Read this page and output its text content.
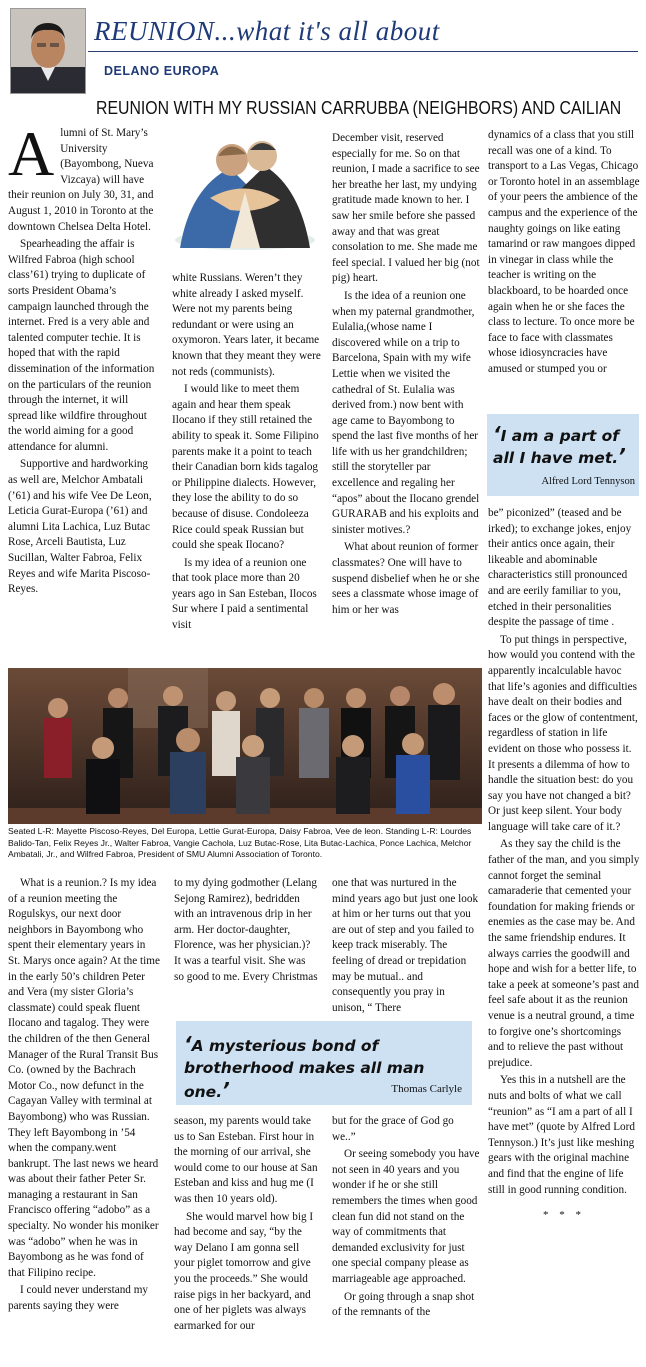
REUNION...what it's all about
DELANO EUROPA
REUNION WITH MY RUSSIAN CARRUBBA (NEIGHBORS) AND CAILIAN

Alumni of St. Mary’s University (Bayombong, Nueva Vizcaya) will have their reunion on July 30, 31, and August 1, 2010 in Toronto at the downtown Chelsea Delta Hotel.

Spearheading the affair is Wilfred Fabroa (high school class’61) trying to duplicate of sorts President Obama’s campaign launched through the internet. Fred is a very able and talented computer techie. It is hoped that with the rapid dissemination of the information on the particulars of the reunion through the internet, it will spread like wildfire throughout the world aiming for a good attendance for alumni.

Supportive and hardworking as well are, Melchor Ambatali (’61) and his wife Vee De Leon, Leticia Gurat-Europa (’61) and alumni Lita Lachica, Luz Butac Rose, Arceli Bautista, Luz Sucillan, Walter Fabroa, Felix Reyes and wife Marita Piscoso-Reyes.

white Russians. Weren’t they white already I asked myself. Were not my parents being redundant or were using an oxymoron. Years later, it became known that they meant they were not reds (communists).

I would like to meet them again and hear them speak Ilocano if they still retained the ability to speak it. Some Filipino parents make it a point to teach their Canadian born kids tagalog or Philippine dialects. However, they lose the ability to do so because of disuse. Condoleeza Rice could speak Russian but could she speak Ilocano?

Is my idea of a reunion one that took place more than 20 years ago in San Esteban, Ilocos Sur where I paid a sentimental visit

December visit, reserved especially for me. So on that reunion, I made a sacrifice to see her breathe her last, my undying gratitude made known to her. I saw her smile before she passed away and that was great consolation to me. She made me feel special. I valued her big (not pig) heart.

Is the idea of a reunion one when my paternal grandmother, Eulalia,(whose name I discovered while on a trip to Barcelona, Spain with my wife Lettie when we visited the cathedral of St. Eulalia was derived from.) now bent with age came to Bayombong to spend the last five months of her life with us her grandchildren; still the storyteller par excellence and regaling her “apos” about the Ilocano grendel GURARAB and his exploits and sinister motives.?

What about reunion of former classmates? One will have to suspend disbelief when he or she sees a classmate whose image of him or her was

dynamics of a class that you still recall was one of a kind. To transport to a Las Vegas, Chicago or Toronto hotel in an assemblage of your peers the ambience of the campus and the experience of the naughty goings on like eating tamarind or raw mangoes dipped in vinegar in class while the teacher is writing on the blackboard, to be hoarded once again when he or she faces the class to lecture. To once more be face to face with classmates whose idiosyncracies have amused or stumped you or

‘I am a part of all I have met.’
Alfred Lord Tennyson

be” piconized” (teased and be irked); to exchange jokes, enjoy their antics once again, their likeable and abominable characteristics still pronounced and are eerily familiar to you, etched in their personalities despite the passage of time .

To put things in perspective, how would you contend with the apparently incalculable havoc that life’s agonies and difficulties have dealt on their bodies and faces or the glow of contentment, regardless of station in life evident on those who possess it. It presents a dilemma of how to handle the situation best: do you say you have not changed a bit? Or just keep silent. Your body language will take care of it.?

As they say the child is the father of the man, and you simply cannot forget the seminal camaraderie that cemented your foundation for making friends or enemies as the case may be. And the same friendship endures. It always carries the goodwill and hope and wish for a better life, to take a peek at someone’s past and feel safe about it as the reunion venue is a neutral ground, a time to forgive one’s shortcomings and to relieve the past without prejudice.

Yes this in a nutshell are the nuts and bolts of what we call “reunion” as “I am a part of all I have met” (quote by Alfred Lord Tennyson.) It’s just like meshing gears with the original machine and find that the engine of life still in good running condition.

* * *
Seated L-R: Mayette Piscoso-Reyes, Del Europa, Lettie Gurat-Europa, Daisy Fabroa, Vee de leon. Standing L-R: Lourdes Balido-Tan, Felix Reyes Jr., Walter Fabroa, Vangie Cachola, Luz Butac-Rose, Lita Butac-Lachica, Ponce Lachica, Melchor Ambatali, Jr., and Wilfred Fabroa, President of SMU Alumni Association of Toronto.

What is a reunion.? Is my idea of a reunion meeting the Rogulskys, our next door neighbors in Bayombong who spent their elementary years in St. Marys once again? At the time in the early 50’s children Peter and Vera (my sister Gloria’s classmate) could speak fluent Ilocano and tagalog. They were the children of the then General Manager of the Rural Transit Bus Co. (owned by the Bachrach Motor Co., now defunct in the Cagayan Valley with terminal at Bayombong) who was Russian. They left Bayombong in ’54 when the company.went bankrupt. The last news we heard was about their father Peter Sr. managing a restaurant in San Francisco offering “adobo” as a specialty. No wonder his moniker was “adobo” when he was in Bayombong as he was fond of that Filipino recipe.

I could never understand my parents saying they were

to my dying godmother (Lelang Sejong Ramirez), bedridden with an intravenous drip in her arm. Her doctor-daughter, Florence, was her physician.)? It was a tearful visit. She was so good to me. Every Christmas

one that was nurtured in the mind years ago but just one look at him or her turns out that you are out of step and you failed to keep track miserably. The feeling of dread or trepidation may be mutual.. and consequently you pray in unison, “ There

‘A mysterious bond of brotherhood makes all man one.’	Thomas Carlyle

season, my parents would take us to San Esteban. First hour in the morning of our arrival, she would come to our house at San Esteban and kiss and hug me (I was then 10 years old).

She would marvel how big I had become and say, “by the way Delano I am gonna sell your piglet tomorrow and give you the proceeds.” She would raise pigs in her backyard, and one of her piglets was always earmarked for our

but for the grace of God go we..”

Or seeing somebody you have not seen in 40 years and you wonder if he or she still remembers the times when good clean fun did not stand on the way of commitments that demanded exclusivity for just one special company please as marriageable age approached.

Or going through a snap shot of the remnants of the
